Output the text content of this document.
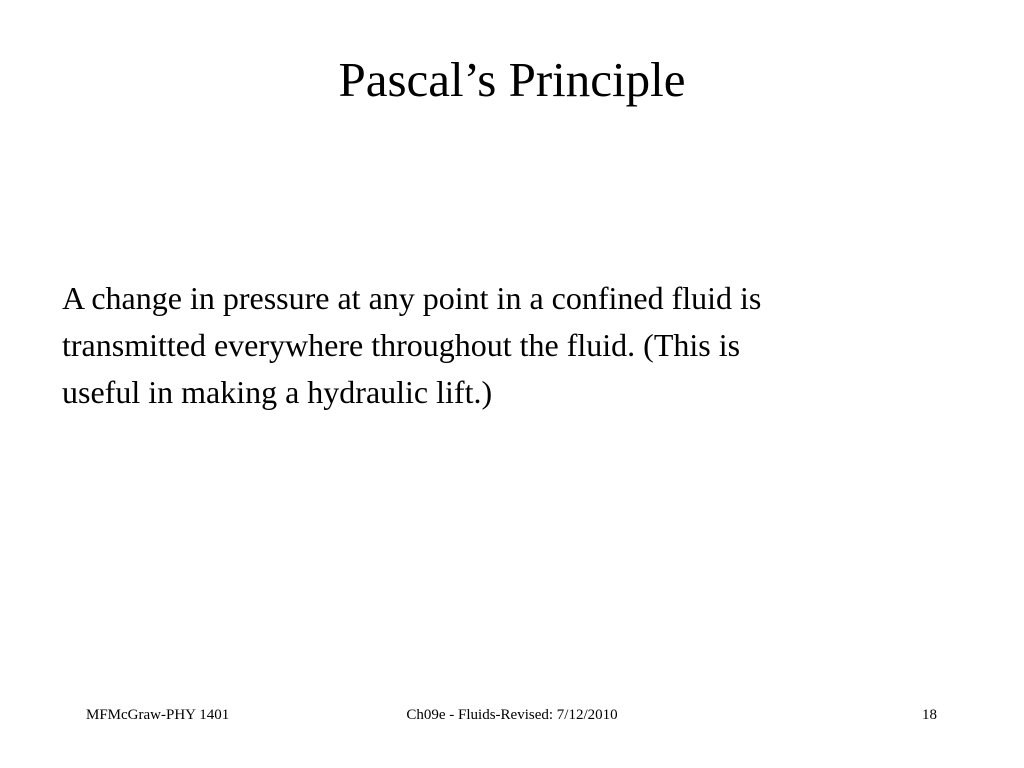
Pascal’s Principle

A change in pressure at any point in a confined fluid is
transmitted everywhere throughout the fluid. (This is
useful in making a hydraulic lift.)

MFMcGraw-PHY 1401	Ch09e - Fluids-Revised: 7/12/2010	18
